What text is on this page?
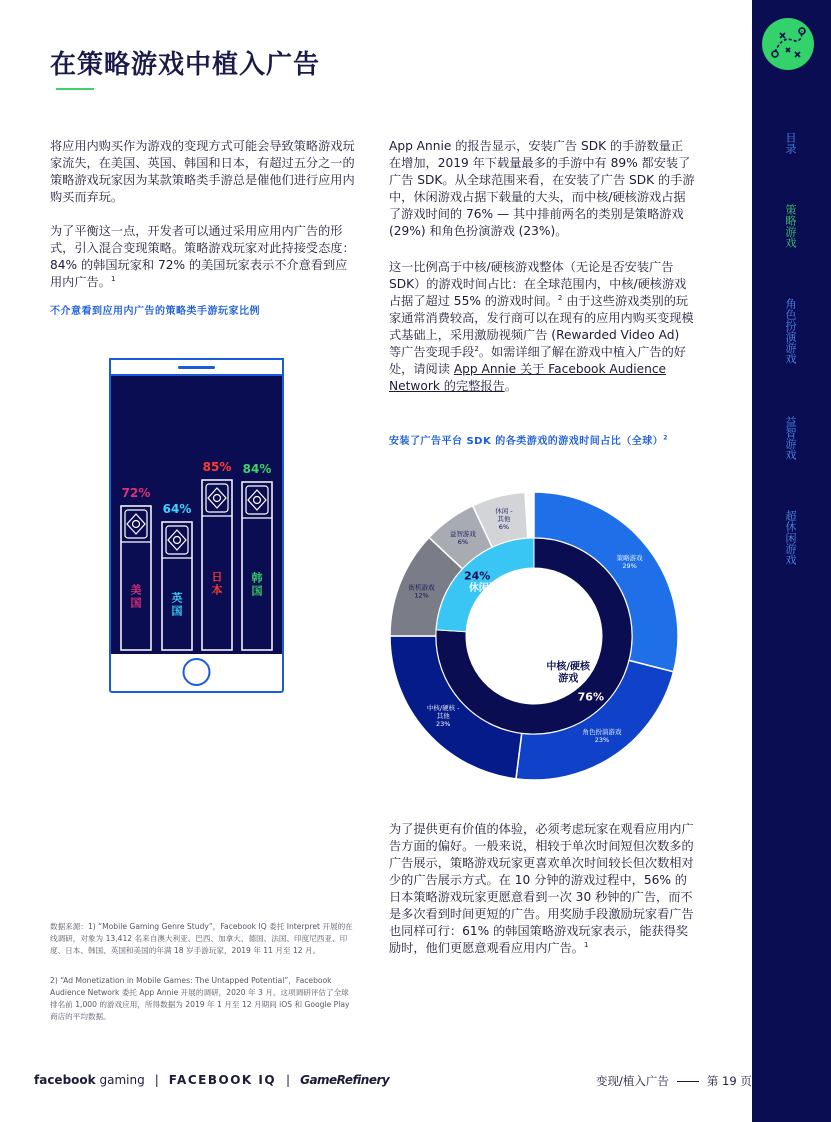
在策略游戏中植入广告
将应用内购买作为游戏的变现方式可能会导致策略游戏玩家流失，在美国、英国、韩国和日本，有超过五分之一的策略游戏玩家因为某款策略类手游总是催他们进行应用内购买而弃玩。
为了平衡这一点，开发者可以通过采用应用内广告的形式，引入混合变现策略。策略游戏玩家对此持接受态度：84% 的韩国玩家和 72% 的美国玩家表示不介意看到应用内广告。$^1$
不介意看到应用内广告的策略类手游玩家比例
72%
美国
64%
英国
85%
日本
84%
韩国
App Annie 的报告显示，安装广告 SDK 的手游数量正在增加，2019 年下载量最多的手游中有 89% 都安装了广告 SDK。从全球范围来看，在安装了广告 SDK 的手游中，休闲游戏占据下载量的大头，而中核/硬核游戏占据了游戏时间的 76% — 其中排前两名的类别是策略游戏 (29%) 和角色扮演游戏 (23%)。
这一比例高于中核/硬核游戏整体（无论是否安装广告 SDK）的游戏时间占比：在全球范围内，中核/硬核游戏占据了超过 55% 的游戏时间。$^2$ 由于这些游戏类别的玩家通常消费较高，发行商可以在现有的应用内购买变现模式基础上，采用激励视频广告 (Rewarded Video Ad) 等广告变现手段$^2$。如需详细了解在游戏中植入广告的好处，请阅读 App Annie 关于 Facebook Audience Network 的完整报告。
安装了广告平台 SDK 的各类游戏的游戏时间占比（全球）$^2$
策略游戏 29%
角色扮演游戏 23%
中核/硬核 -其他 23%
街机游戏 12%
益智游戏 6%
休闲 -其他 6%
76%
24%
中核/硬核游戏
休闲游戏
为了提供更有价值的体验，必须考虑玩家在观看应用内广告方面的偏好。一般来说，相较于单次时间短但次数多的广告展示，策略游戏玩家更喜欢单次时间较长但次数相对少的广告展示方式。在 10 分钟的游戏过程中，56% 的日本策略游戏玩家更愿意看到一次 30 秒钟的广告，而不是多次看到时间更短的广告。用奖励手段激励玩家看广告也同样可行：61% 的韩国策略游戏玩家表示，能获得奖励时，他们更愿意观看应用内广告。$^1$
数据来源：1) “Mobile Gaming Genre Study”，Facebook IQ 委托 Interpret 开展的在线调研，对象为 13,412 名来自澳大利亚、巴西、加拿大、德国、法国、印度尼西亚、印度、日本、韩国、英国和美国的年满 18 岁手游玩家，2019 年 11 月至 12 月。
2) “Ad Monetization in Mobile Games: The Untapped Potential”，Facebook Audience Network 委托 App Annie 开展的调研，2020 年 3 月。这项调研评估了全球排名前 1,000 的游戏应用，所得数据为 2019 年 1 月至 12 月期间 iOS 和 Google Play 商店的平均数据。
facebook gaming | FACEBOOK IQ | GameRefinery	变现/植入广告	第 19 页
目录
策略游戏
角色扮演游戏
益智游戏
超休闲游戏
